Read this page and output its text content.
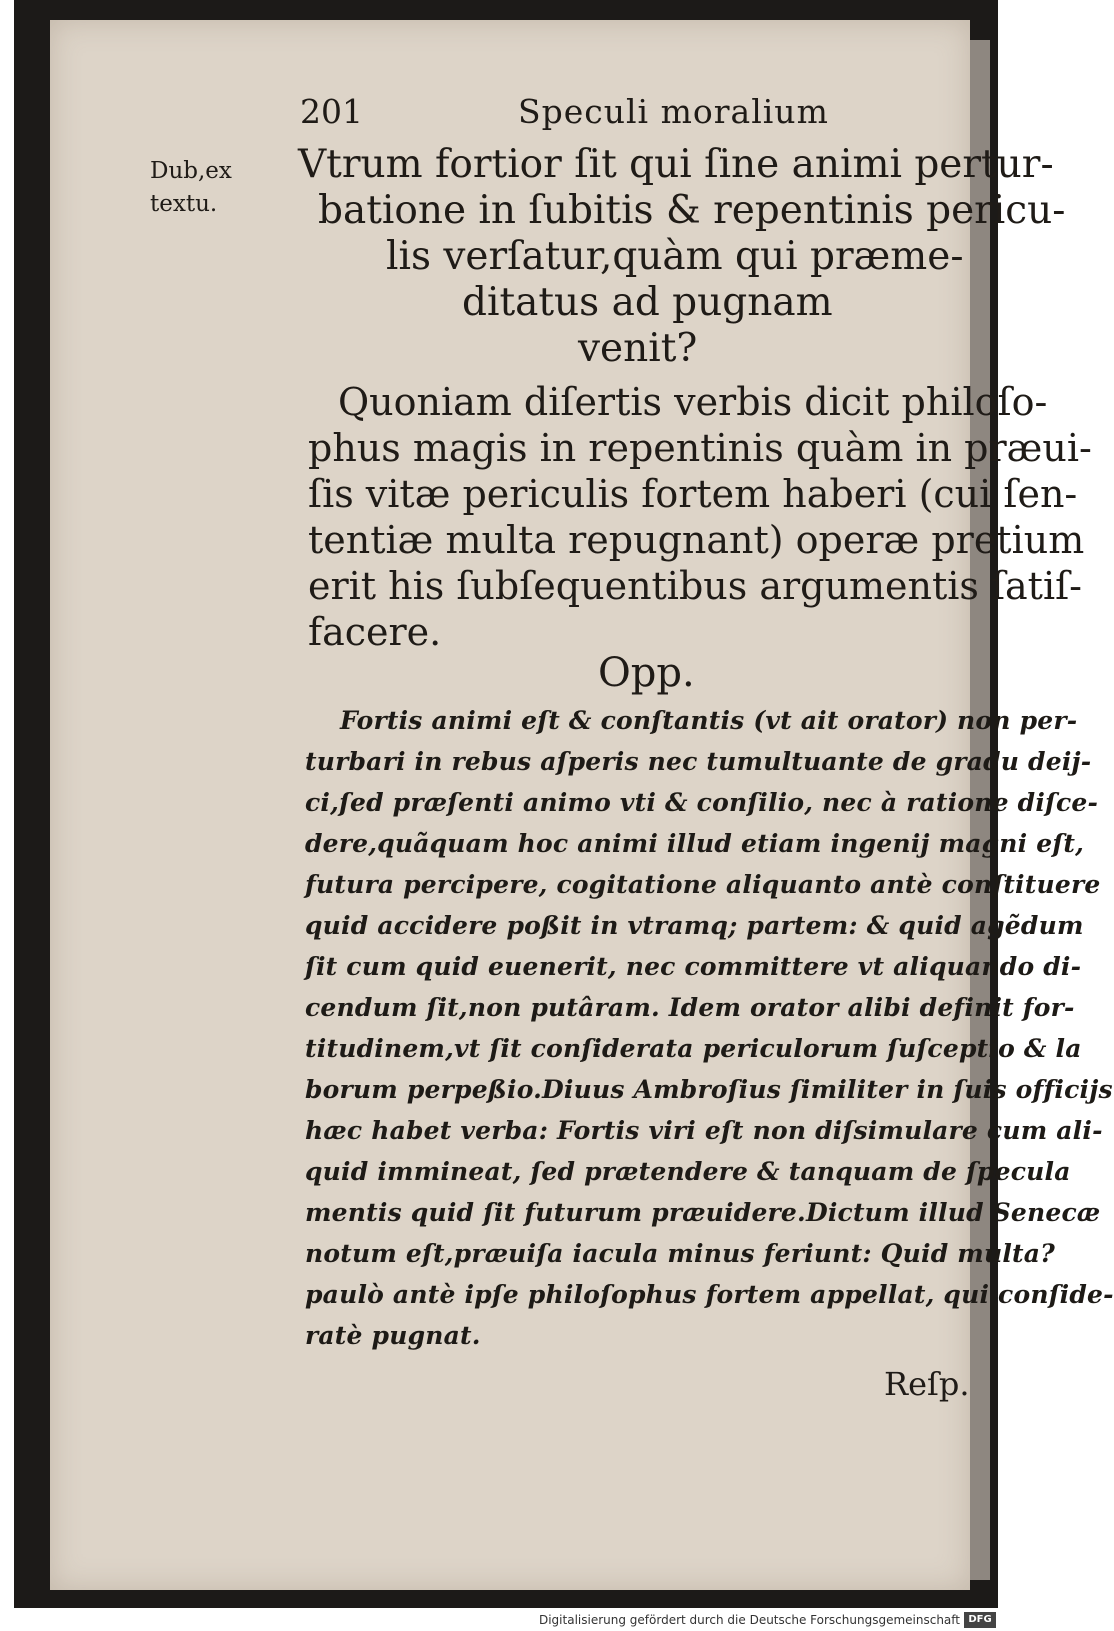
201	Speculi moralium
Dub,ex
textu.
Vtrum fortior ſit qui ſine animi pertur-
batione in ſubitis & repentinis pericu-
lis verſatur,quàm qui præme-
ditatus ad pugnam
venit?
Quoniam diſertis verbis dicit philoſo-
phus magis in repentinis quàm in præui-
ſis vitæ periculis fortem haberi (cui ſen-
tentiæ multa repugnant) operæ pretium
erit his ſubſequentibus argumentis ſatiſ-
facere.
Opp.
Fortis animi eſt & conſtantis (vt ait orator) non per-
turbari in rebus aſperis nec tumultuante de gradu deij-
ci,ſed præſenti animo vti & conſilio, nec à ratione diſce-
dere,quãquam hoc animi illud etiam ingenij magni eſt,
futura percipere, cogitatione aliquanto antè conſtituere
quid accidere poßit in vtramq; partem: & quid agẽdum
ſit cum quid euenerit, nec committere vt aliquando di-
cendum ſit,non putâram. Idem orator alibi definit for-
titudinem,vt ſit conſiderata periculorum ſuſceptio & la
borum perpeßio.Diuus Ambroſius ſimiliter in ſuis officijs
hæc habet verba: Fortis viri eſt non diſsimulare cum ali-
quid immineat, ſed prætendere & tanquam de ſpecula
mentis quid ſit futurum præuidere.Dictum illud Senecæ
notum eſt,præuiſa iacula minus feriunt: Quid multa?
paulò antè ipſe philoſophus fortem appellat, qui conſide-
ratè pugnat.
Reſp.
Digitalisierung gefördert durch die Deutsche Forschungsgemeinschaft DFG
